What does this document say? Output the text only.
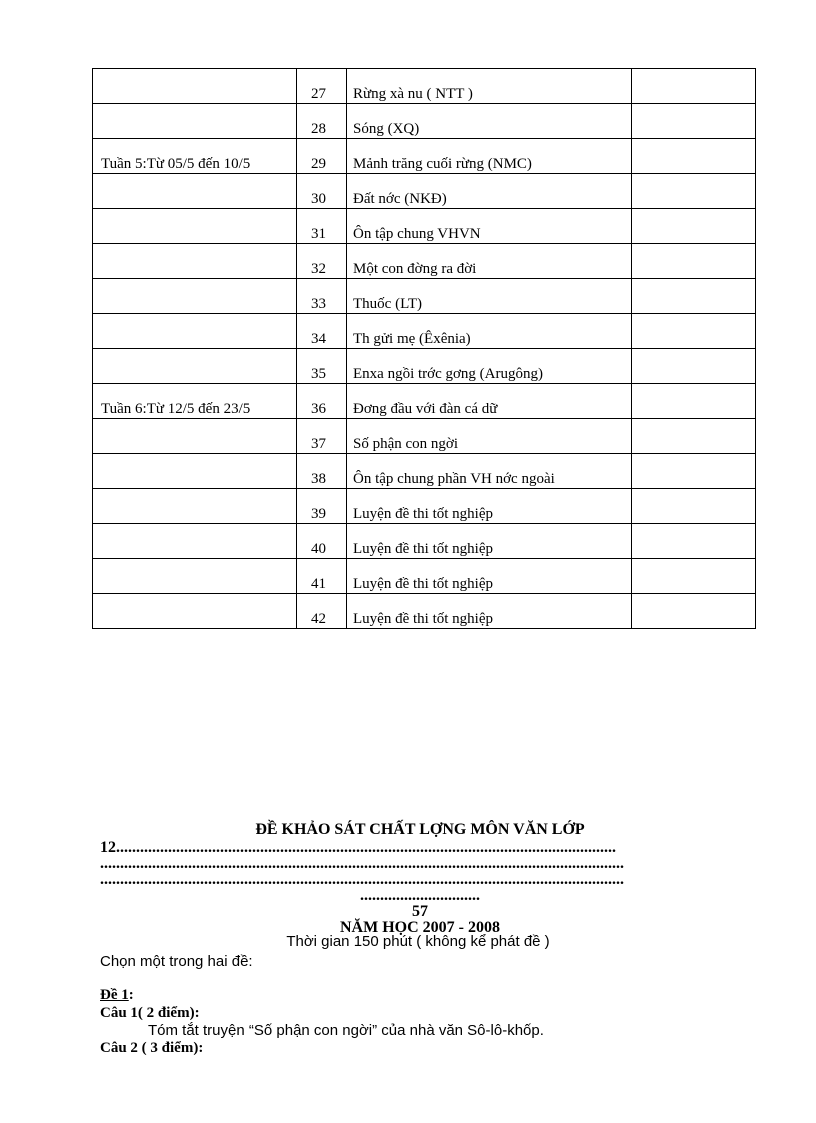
	27	Rừng xà nu ( NTT )	
	28	Sóng (XQ)	
Tuần 5:Từ 05/5 đến 10/5	29	Mảnh trăng cuối rừng (NMC)	
	30	Đất nớc (NKĐ)	
	31	Ôn tập chung VHVN	
	32	Một con đờng ra đời	
	33	Thuốc (LT)	
	34	Th gửi mẹ (Êxênia)	
	35	Enxa ngồi trớc gơng (Arugông)	
Tuần 6:Từ 12/5 đến 23/5	36	Đơng đầu với đàn cá dữ	
	37	Số phận con ngời	
	38	Ôn tập chung phần VH nớc ngoài	
	39	Luyện đề thi tốt nghiệp	
	40	Luyện đề thi tốt nghiệp	
	41	Luyện đề thi tốt nghiệp	
	42	Luyện đề thi tốt nghiệp	
ĐỀ KHẢO SÁT CHẤT LỢNG MÔN VĂN LỚP
12.............................................................................................................................
...................................................................................................................................
...................................................................................................................................
..............................
57
NĂM HỌC 2007 - 2008
Thời gian 150 phút ( không kể phát đề )
Chọn một trong hai đề:
Đề 1:
Câu 1( 2 điểm):
Tóm tắt truyện “Số phận con ngời” của nhà văn Sô-lô-khốp.
Câu 2 ( 3 điểm):
